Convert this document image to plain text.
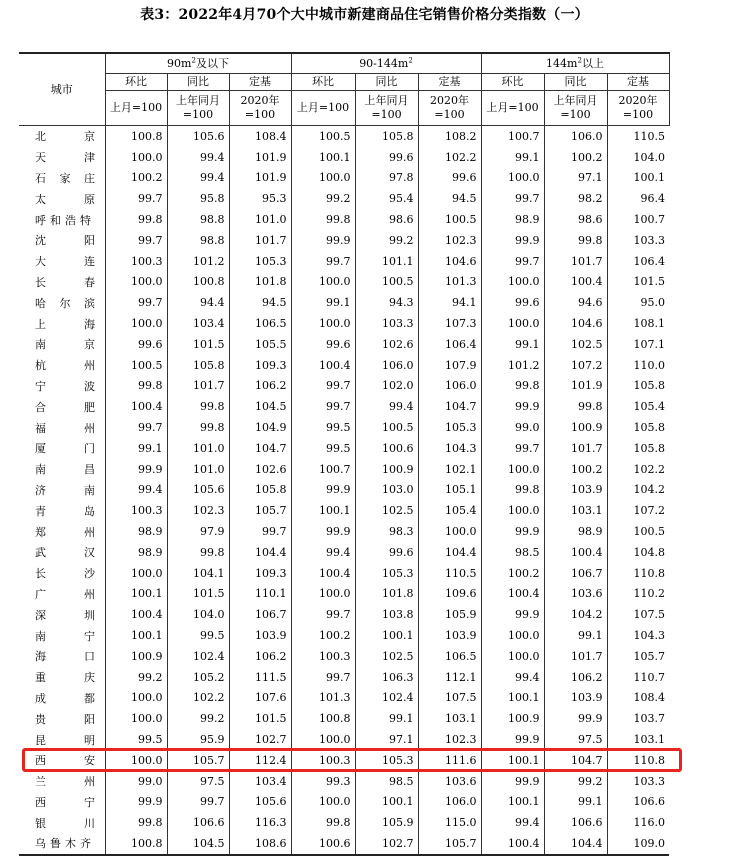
表3：2022年4月70个大中城市新建商品住宅销售价格分类指数（一）
城市	$90m^2$及以下			$90-144m^2$			$144m^2$以上		
	环比	同比	定基	环比	同比	定基	环比	同比	定基
	上月=100	上年同月=100	2020年=100	上月=100	上年同月=100	2020年=100	上月=100	上年同月=100	2020年=100
北京	100.8	105.6	108.4	100.5	105.8	108.2	100.7	106.0	110.5
天津	100.0	99.4	101.9	100.1	99.6	102.2	99.1	100.2	104.0
石家庄	100.2	99.4	101.9	100.0	97.8	99.6	100.0	97.1	100.1
太原	99.7	95.8	95.3	99.2	95.4	94.5	99.7	98.2	96.4
呼和浩特	99.8	98.8	101.0	99.8	98.6	100.5	98.9	98.6	100.7
沈阳	99.7	98.8	101.7	99.9	99.2	102.3	99.9	99.8	103.3
大连	100.3	101.2	105.3	99.7	101.1	104.6	99.7	101.7	106.4
长春	100.0	100.8	101.8	100.0	100.5	101.3	100.0	100.4	101.5
哈尔滨	99.7	94.4	94.5	99.1	94.3	94.1	99.6	94.6	95.0
上海	100.0	103.4	106.5	100.0	103.3	107.3	100.0	104.6	108.1
南京	99.6	101.5	105.5	99.6	102.6	106.4	99.1	102.5	107.1
杭州	100.5	105.8	109.3	100.4	106.0	107.9	101.2	107.2	110.0
宁波	99.8	101.7	106.2	99.7	102.0	106.0	99.8	101.9	105.8
合肥	100.4	99.8	104.5	99.7	99.4	104.7	99.9	99.8	105.4
福州	99.7	99.8	104.9	99.5	100.5	105.3	99.0	100.9	105.8
厦门	99.1	101.0	104.7	99.5	100.6	104.3	99.7	101.7	105.8
南昌	99.9	101.0	102.6	100.7	100.9	102.1	100.0	100.2	102.2
济南	99.4	105.6	105.8	99.9	103.0	105.1	99.8	103.9	104.2
青岛	100.3	102.3	105.7	100.1	102.5	105.4	100.0	103.1	107.2
郑州	98.9	97.9	99.7	99.9	98.3	100.0	99.9	98.9	100.5
武汉	98.9	99.8	104.4	99.4	99.6	104.4	98.5	100.4	104.8
长沙	100.0	104.1	109.3	100.4	105.3	110.5	100.2	106.7	110.8
广州	100.1	101.5	110.1	100.0	101.8	109.6	100.4	103.6	110.2
深圳	100.4	104.0	106.7	99.7	103.8	105.9	99.9	104.2	107.5
南宁	100.1	99.5	103.9	100.2	100.1	103.9	100.0	99.1	104.3
海口	100.9	102.4	106.2	100.3	102.5	106.5	100.0	101.7	105.7
重庆	99.2	105.2	111.5	99.7	106.3	112.1	99.4	106.2	110.7
成都	100.0	102.2	107.6	101.3	102.4	107.5	100.1	103.9	108.4
贵阳	100.0	99.2	101.5	100.8	99.1	103.1	100.9	99.9	103.7
昆明	99.5	95.9	102.7	100.0	97.1	102.3	99.9	97.5	103.1
西安	100.0	105.7	112.4	100.3	105.3	111.6	100.1	104.7	110.8
兰州	99.0	97.5	103.4	99.3	98.5	103.6	99.9	99.2	103.3
西宁	99.9	99.7	105.6	100.0	100.1	106.0	100.1	99.1	106.6
银川	99.8	106.6	116.3	99.8	105.9	115.0	99.4	106.6	116.0
乌鲁木齐	100.8	104.5	108.6	100.6	102.7	105.7	100.4	104.4	109.0
